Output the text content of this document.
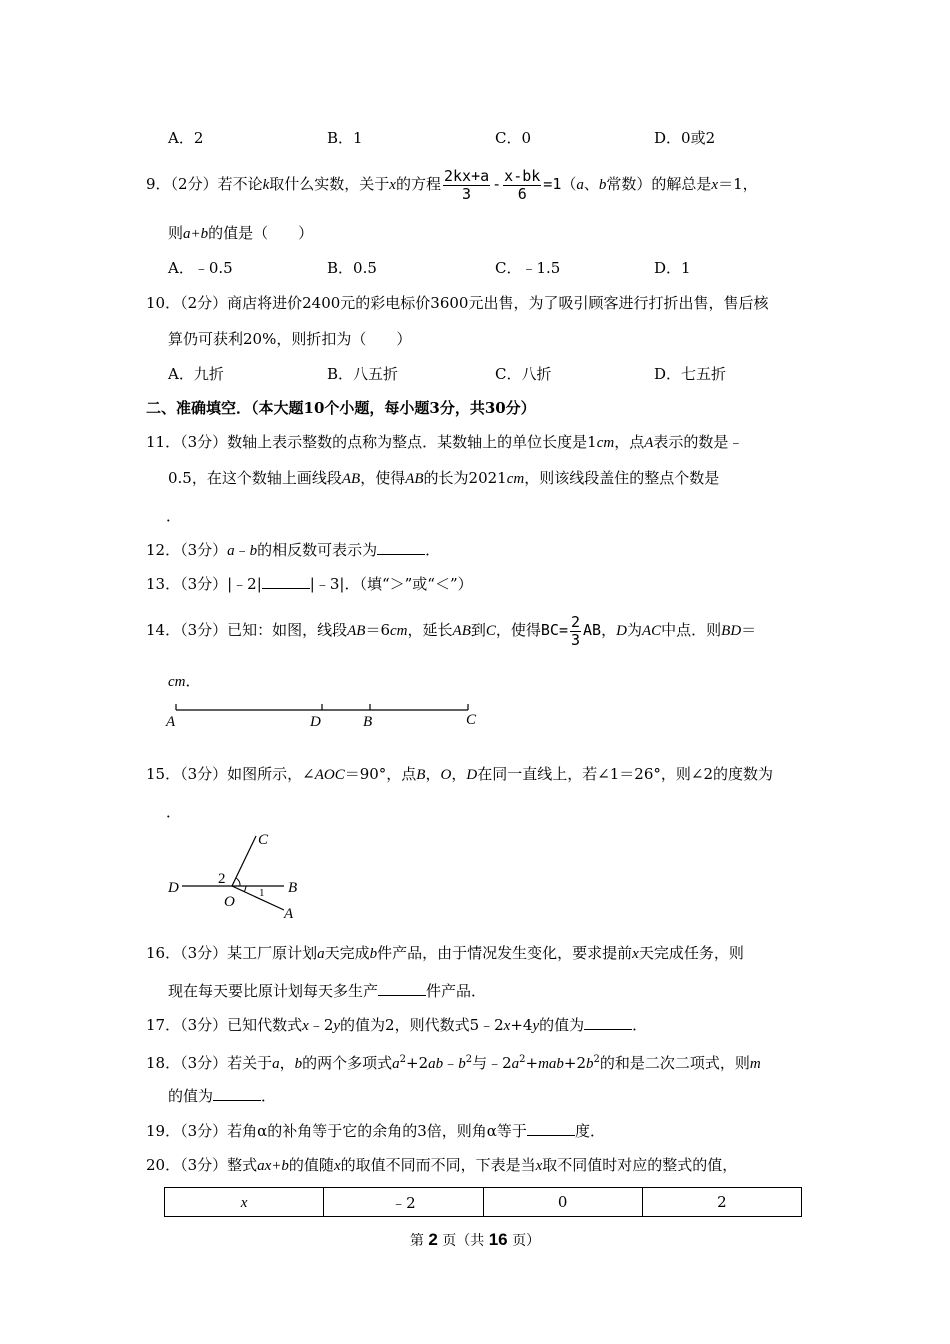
A．2	B．1	C．0	D．0或2
9．（2分）若不论k取什么实数，关于x的方程 $\frac{2kx+a}{3} - \frac{x-bk}{6} =1(a$、b常数）的解总是x＝1，
则a+b的值是（　　）
A．﹣0.5	B．0.5	C．﹣1.5	D．1
10．（2分）商店将进价2400元的彩电标价3600元出售，为了吸引顾客进行打折出售，售后核
算仍可获利20%，则折扣为（　　）
A．九折	B．八五折	C．八折	D．七五折
二、准确填空．（本大题10个小题，每小题3分，共30分）
11．（3分）数轴上表示整数的点称为整点．某数轴上的单位长度是1cm，点A表示的数是﹣
0.5，在这个数轴上画线段AB，使得AB的长为2021cm，则该线段盖住的整点个数是
．
12．（3分）a﹣b的相反数可表示为	．
13．（3分）|﹣2|	|﹣3|．（填“＞”或“＜”）
14．（3分）已知：如图，线段AB＝6cm，延长AB到C，使得$BC= \frac{2}{3}$ AB，D为AC中点．则BD＝
cm．
A	D	B	C
15．（3分）如图所示，∠AOC＝90°，点B，O，D在同一直线上，若∠1＝26°，则∠2的度数为
．
C
D
2
1 B
O
A
16．（3分）某工厂原计划a天完成b件产品，由于情况发生变化，要求提前x天完成任务，则
现在每天要比原计划每天多生产	件产品．
17．（3分）已知代数式x﹣2y的值为2，则代数式5﹣2x+4y的值为	．
18．（3分）若关于a，b的两个多项式$a^2+2ab﹣b^2$与$﹣2a^2+mab+2b^2$的和是二次二项式，则m
的值为	．
19．（3分）若角α的补角等于它的余角的3倍，则角α等于	度．
20．（3分）整式ax+b的值随x的取值不同而不同，下表是当x取不同值时对应的整式的值，
x	﹣2	0	2
第 2 页（共 16 页）
